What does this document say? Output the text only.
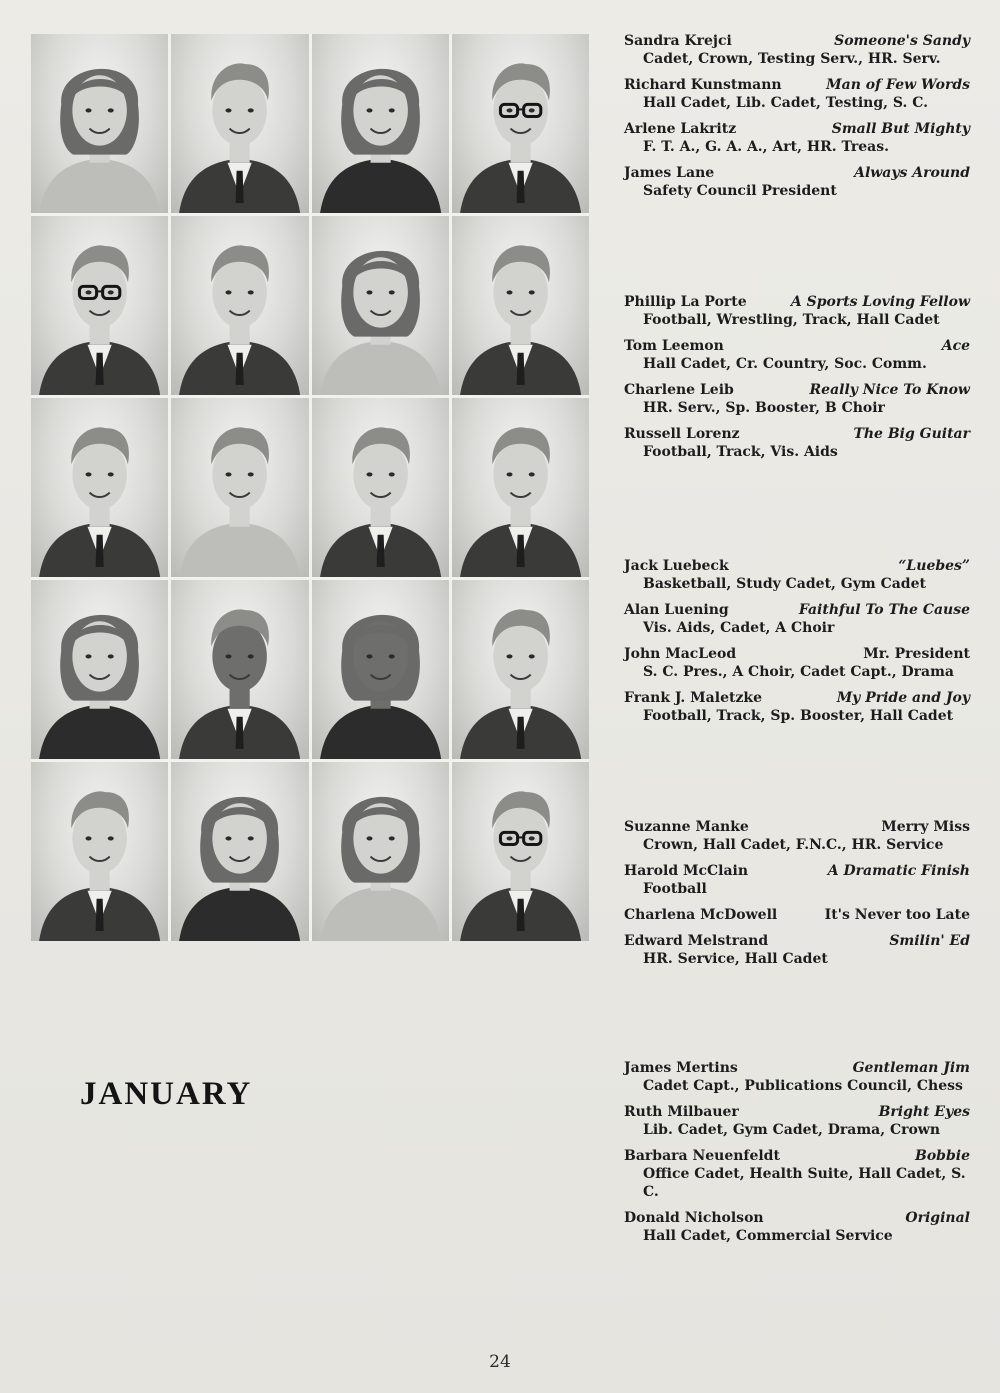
Sandra Krejci	Someone's Sandy
Cadet, Crown, Testing Serv., HR. Serv.
Richard Kunstmann	Man of Few Words
Hall Cadet, Lib. Cadet, Testing, S. C.
Arlene Lakritz	Small But Mighty
F. T. A., G. A. A., Art, HR. Treas.
James Lane	Always Around
Safety Council President
Phillip La Porte	A Sports Loving Fellow
Football, Wrestling, Track, Hall Cadet
Tom Leemon	Ace
Hall Cadet, Cr. Country, Soc. Comm.
Charlene Leib	Really Nice To Know
HR. Serv., Sp. Booster, B Choir
Russell Lorenz	The Big Guitar
Football, Track, Vis. Aids
Jack Luebeck	“Luebes”
Basketball, Study Cadet, Gym Cadet
Alan Luening	Faithful To The Cause
Vis. Aids, Cadet, A Choir
John MacLeod	Mr. President
S. C. Pres., A Choir, Cadet Capt., Drama
Frank J. Maletzke	My Pride and Joy
Football, Track, Sp. Booster, Hall Cadet
Suzanne Manke	Merry Miss
Crown, Hall Cadet, F.N.C., HR. Service
Harold McClain	A Dramatic Finish
Football
Charlena McDowell	It's Never too Late
Edward Melstrand	Smilin' Ed
HR. Service, Hall Cadet
James Mertins	Gentleman Jim
Cadet Capt., Publications Council, Chess
Ruth Milbauer	Bright Eyes
Lib. Cadet, Gym Cadet, Drama, Crown
Barbara Neuenfeldt	Bobbie
Office Cadet, Health Suite, Hall Cadet, S. C.
Donald Nicholson	Original
Hall Cadet, Commercial Service
JANUARY
24
